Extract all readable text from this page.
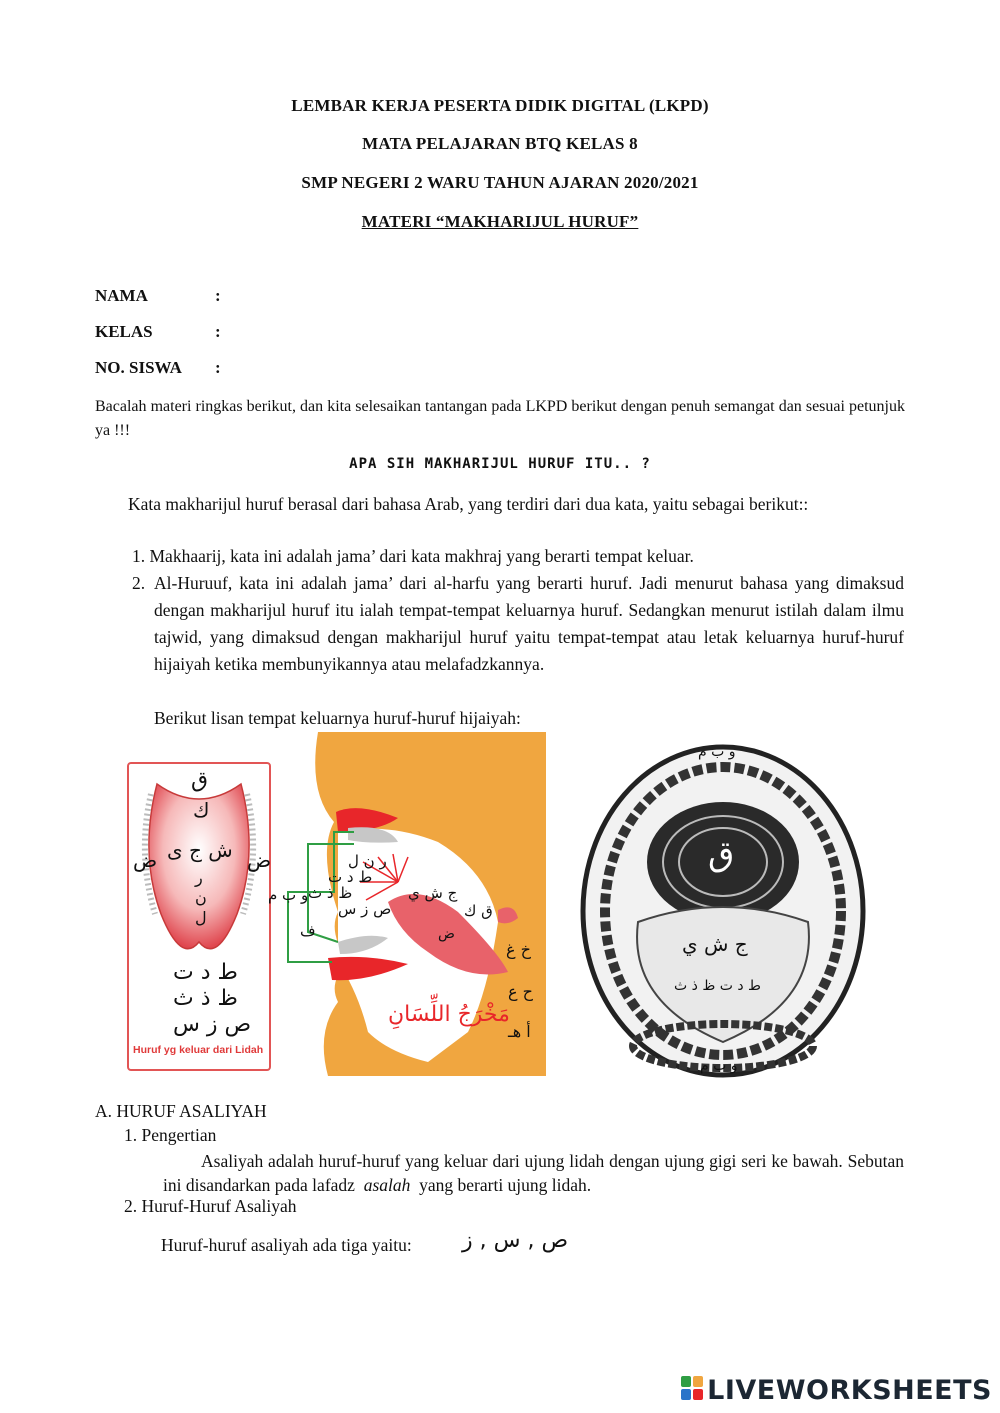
LEMBAR KERJA PESERTA DIDIK DIGITAL (LKPD)
MATA PELAJARAN BTQ KELAS 8
SMP NEGERI 2 WARU TAHUN AJARAN 2020/2021
MATERI “MAKHARIJUL HURUF”
NAMA	:
KELAS	:
NO. SISWA :
Bacalah materi ringkas berikut, dan kita selesaikan tantangan pada LKPD berikut dengan penuh semangat dan sesuai petunjuk ya !!!
APA SIH MAKHARIJUL HURUF ITU.. ?
Kata makharijul huruf berasal dari bahasa Arab, yang terdiri dari dua kata, yaitu sebagai berikut::
1. Makhaarij, kata ini adalah jama’ dari kata makhraj yang berarti tempat keluar.
2. Al-Huruuf, kata ini adalah jama’ dari al-harfu yang berarti huruf. Jadi menurut bahasa yang dimaksud dengan makharijul huruf itu ialah tempat-tempat keluarnya huruf. Sedangkan menurut istilah dalam ilmu tajwid, yang dimaksud dengan makharijul huruf yaitu tempat-tempat atau letak keluarnya huruf-huruf hijaiyah ketika membunyikannya atau melafadzkannya.
Berikut lisan tempat keluarnya huruf-huruf hijaiyah:
ق
ك
ش ج ى
ر
ن
ل
ض	ض
ط د ت
ظ ذ ث
ص ز س
Huruf yg keluar dari Lidah
ر ن ل
ط د ت
ظ ذ ث
ص ز س
ج ش ي
ق ك
ض
خ غ
ح ع
أ هـ
و ب م
ف
مَخْرَجُ اللِّسَانِ
و ب م
ق
ج ش ي
ط د ت ظ ذ ث
و ب م
A. HURUF ASALIYAH
1. Pengertian
Asaliyah adalah huruf-huruf yang keluar dari ujung lidah dengan ujung gigi seri ke bawah. Sebutan ini disandarkan pada lafadz asalah yang berarti ujung lidah.
2. Huruf-Huruf Asaliyah
Huruf-huruf asaliyah ada tiga yaitu: ص , س , ز
LIVEWORKSHEETS
